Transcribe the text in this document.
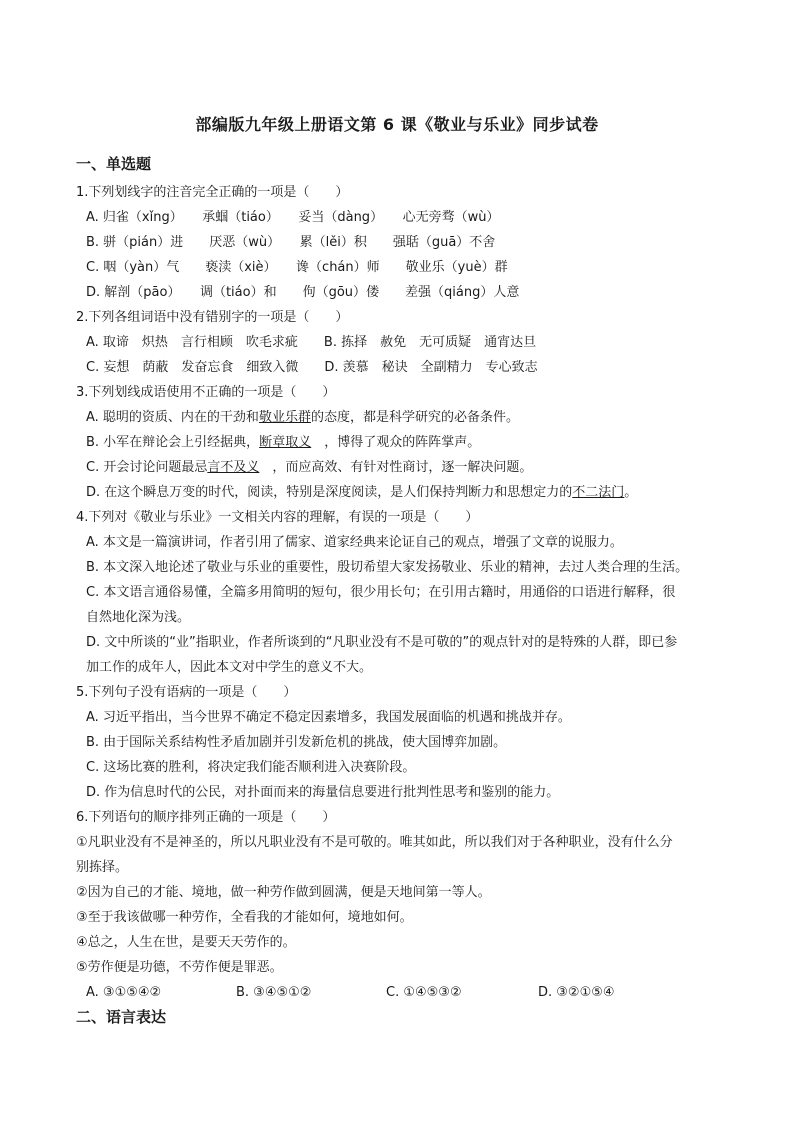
部编版九年级上册语文第 6 课《敬业与乐业》同步试卷
一、单选题
1.下列划线字的注音完全正确的一项是（　　）
A. 归雀（xǐng）　　承蝈（tiáo）　　妥当（dàng）　　心无旁骛（wù）
B. 骈（pián）进　　厌恶（wù）　　累（lěi）积　　强聒（guā）不舍
C. 咽（yàn）气　　亵渎（xiè）　　谗（chán）师　　敬业乐（yuè）群
D. 解剖（pāo）　　调（tiáo）和　　佝（gōu）偻　　差强（qiáng）人意
2.下列各组词语中没有错别字的一项是（　　）
A. 取谛　炽热　言行相顾　吹毛求疵　　B. 拣择　赦免　无可质疑　通宵达旦
C. 妄想　荫蔽　发奋忘食　细致入微　　D. 羡慕　秘诀　全副精力　专心致志
3.下列划线成语使用不正确的一项是（　　）
A. 聪明的资质、内在的干劲和敬业乐群的态度，都是科学研究的必备条件。
B. 小军在辩论会上引经据典，断章取义　，博得了观众的阵阵掌声。
C. 开会讨论问题最忌言不及义　，而应高效、有针对性商讨，逐一解决问题。
D. 在这个瞬息万变的时代，阅读，特别是深度阅读，是人们保持判断力和思想定力的不二法门。
4.下列对《敬业与乐业》一文相关内容的理解，有误的一项是（　　）
A. 本文是一篇演讲词，作者引用了儒家、道家经典来论证自己的观点，增强了文章的说服力。
B. 本文深入地论述了敬业与乐业的重要性，殷切希望大家发扬敬业、乐业的精神，去过人类合理的生活。
C. 本文语言通俗易懂，全篇多用简明的短句，很少用长句；在引用古籍时，用通俗的口语进行解释，很
自然地化深为浅。
D. 文中所谈的“业”指职业，作者所谈到的“凡职业没有不是可敬的”的观点针对的是特殊的人群，即已参
加工作的成年人，因此本文对中学生的意义不大。
5.下列句子没有语病的一项是（　　）
A. 习近平指出，当今世界不确定不稳定因素增多，我国发展面临的机遇和挑战并存。
B. 由于国际关系结构性矛盾加剧并引发新危机的挑战，使大国博弈加剧。
C. 这场比赛的胜利，将决定我们能否顺利进入决赛阶段。
D. 作为信息时代的公民，对扑面而来的海量信息要进行批判性思考和鉴别的能力。
6.下列语句的顺序排列正确的一项是（　　）
①凡职业没有不是神圣的，所以凡职业没有不是可敬的。唯其如此，所以我们对于各种职业，没有什么分
别拣择。
②因为自己的才能、境地，做一种劳作做到圆满，便是天地间第一等人。
③至于我该做哪一种劳作，全看我的才能如何，境地如何。
④总之，人生在世，是要天天劳作的。
⑤劳作便是功德，不劳作便是罪恶。
A. ③①⑤④②	B. ③④⑤①②	C. ①④⑤③②	D. ③②①⑤④
二、语言表达
